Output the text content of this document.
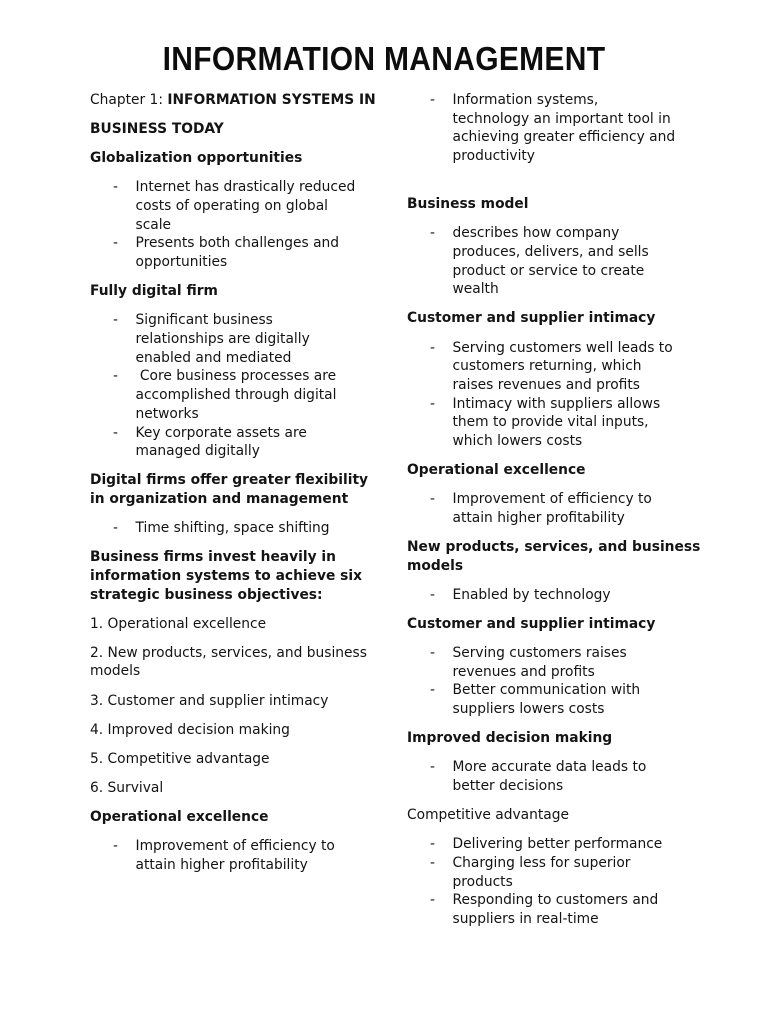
INFORMATION MANAGEMENT
Chapter 1: INFORMATION SYSTEMS IN
BUSINESS TODAY
Globalization opportunities
- Internet has drastically reduced
costs of operating on global
scale
- Presents both challenges and
opportunities
Fully digital firm
- Significant business
relationships are digitally
enabled and mediated
- Core business processes are
accomplished through digital
networks
- Key corporate assets are
managed digitally
Digital firms offer greater flexibility
in organization and management
- Time shifting, space shifting
Business firms invest heavily in
information systems to achieve six
strategic business objectives:
1. Operational excellence
2. New products, services, and business
models
3. Customer and supplier intimacy
4. Improved decision making
5. Competitive advantage
6. Survival
Operational excellence
- Improvement of efficiency to
attain higher profitability
- Information systems,
technology an important tool in
achieving greater efficiency and
productivity
Business model
- describes how company
produces, delivers, and sells
product or service to create
wealth
Customer and supplier intimacy
- Serving customers well leads to
customers returning, which
raises revenues and profits
- Intimacy with suppliers allows
them to provide vital inputs,
which lowers costs
Operational excellence
- Improvement of efficiency to
attain higher profitability
New products, services, and business
models
- Enabled by technology
Customer and supplier intimacy
- Serving customers raises
revenues and profits
- Better communication with
suppliers lowers costs
Improved decision making
- More accurate data leads to
better decisions
Competitive advantage
- Delivering better performance
- Charging less for superior
products
- Responding to customers and
suppliers in real-time
